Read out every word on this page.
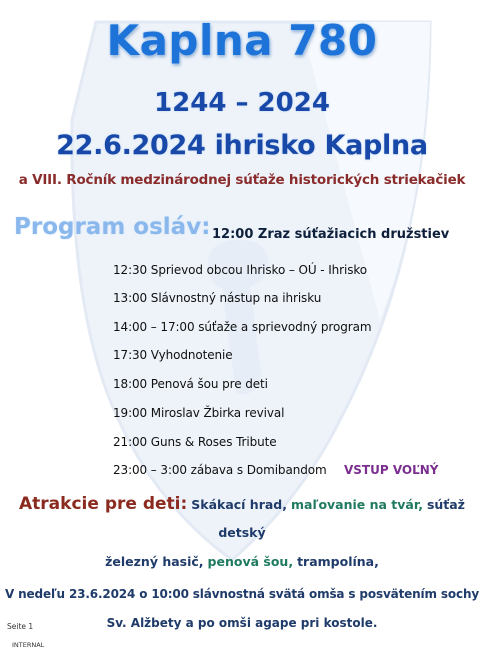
Kaplna 780
1244 – 2024
22.6.2024 ihrisko Kaplna
a VIII. Ročník medzinárodnej súťaže historických striekačiek
Program osláv: 12:00 Zraz súťažiacich družstiev
12:30 Sprievod obcou Ihrisko – OÚ - Ihrisko
13:00 Slávnostný nástup na ihrisku
14:00 – 17:00 súťaže a sprievodný program
17:30 Vyhodnotenie
18:00 Penová šou pre deti
19:00 Miroslav Žbirka revival
21:00 Guns & Roses Tribute
23:00 – 3:00 zábava s Domibandom VSTUP VOĽNÝ
Atrakcie pre deti: Skákací hrad, maľovanie na tvár, súťaž
detský
železný hasič, penová šou, trampolína,
V nedeľu 23.6.2024 o 10:00 slávnostná svätá omša s posvätením sochy
Sv. Alžbety a po omši agape pri kostole.
Seite 1
INTERNAL
